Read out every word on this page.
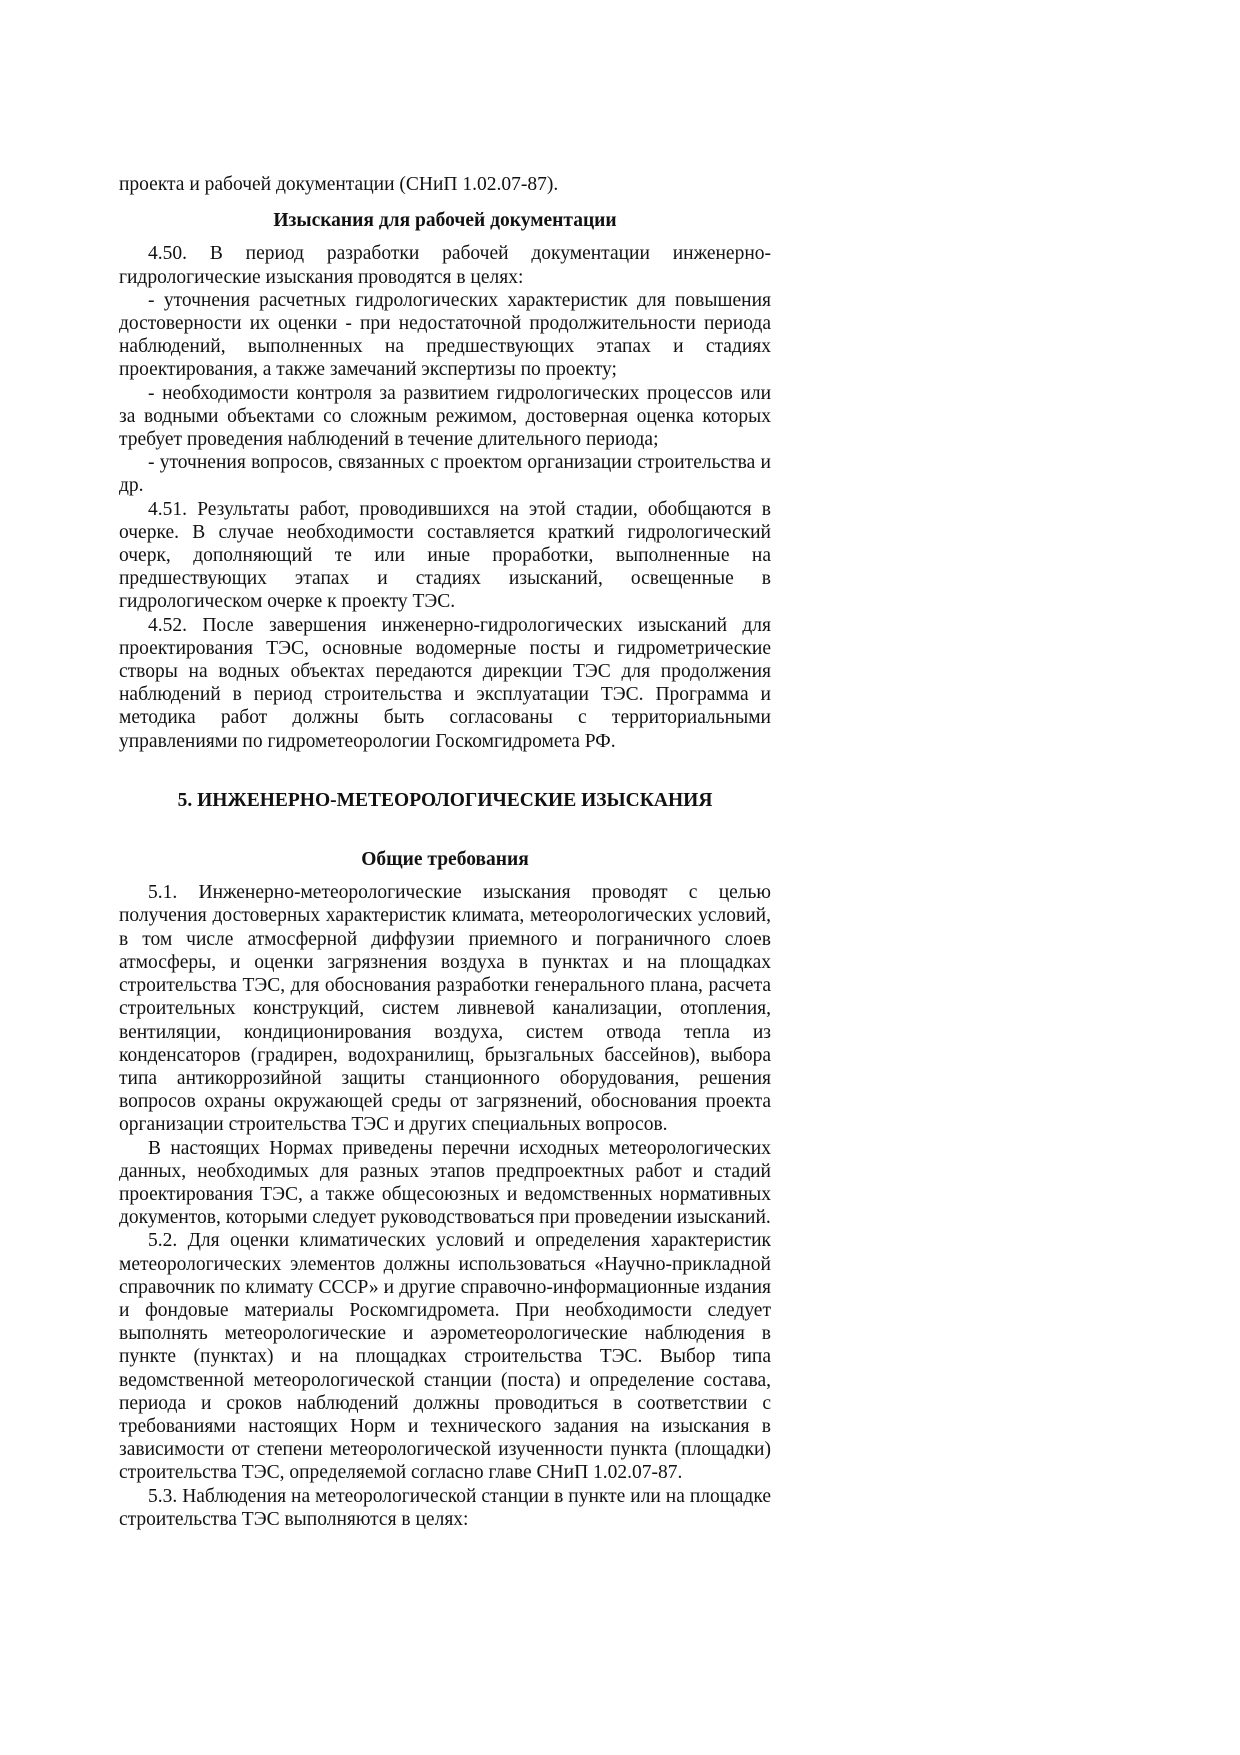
проекта и рабочей документации (СНиП 1.02.07-87).

Изыскания для рабочей документации

4.50. В период разработки рабочей документации инженерно-гидрологические изыскания проводятся в целях:

- уточнения расчетных гидрологических характеристик для повышения достоверности их оценки - при недостаточной продолжительности периода наблюдений, выполненных на предшествующих этапах и стадиях проектирования, а также замечаний экспертизы по проекту;

- необходимости контроля за развитием гидрологических процессов или за водными объектами со сложным режимом, достоверная оценка которых требует проведения наблюдений в течение длительного периода;

- уточнения вопросов, связанных с проектом организации строительства и др.

4.51. Результаты работ, проводившихся на этой стадии, обобщаются в очерке. В случае необходимости составляется краткий гидрологический очерк, дополняющий те или иные проработки, выполненные на предшествующих этапах и стадиях изысканий, освещенные в гидрологическом очерке к проекту ТЭС.

4.52. После завершения инженерно-гидрологических изысканий для проектирования ТЭС, основные водомерные посты и гидрометрические створы на водных объектах передаются дирекции ТЭС для продолжения наблюдений в период строительства и эксплуатации ТЭС. Программа и методика работ должны быть согласованы с территориальными управлениями по гидрометеорологии Госкомгидромета РФ.

5. ИНЖЕНЕРНО-МЕТЕОРОЛОГИЧЕСКИЕ ИЗЫСКАНИЯ

Общие требования

5.1. Инженерно-метеорологические изыскания проводят с целью получения достоверных характеристик климата, метеорологических условий, в том числе атмосферной диффузии приемного и пограничного слоев атмосферы, и оценки загрязнения воздуха в пунктах и на площадках строительства ТЭС, для обоснования разработки генерального плана, расчета строительных конструкций, систем ливневой канализации, отопления, вентиляции, кондиционирования воздуха, систем отвода тепла из конденсаторов (градирен, водохранилищ, брызгальных бассейнов), выбора типа антикоррозийной защиты станционного оборудования, решения вопросов охраны окружающей среды от загрязнений, обоснования проекта организации строительства ТЭС и других специальных вопросов.

В настоящих Нормах приведены перечни исходных метеорологических данных, необходимых для разных этапов предпроектных работ и стадий проектирования ТЭС, а также общесоюзных и ведомственных нормативных документов, которыми следует руководствоваться при проведении изысканий.

5.2. Для оценки климатических условий и определения характеристик метеорологических элементов должны использоваться «Научно-прикладной справочник по климату СССР» и другие справочно-информационные издания и фондовые материалы Роскомгидромета. При необходимости следует выполнять метеорологические и аэрометеорологические наблюдения в пункте (пунктах) и на площадках строительства ТЭС. Выбор типа ведомственной метеорологической станции (поста) и определение состава, периода и сроков наблюдений должны проводиться в соответствии с требованиями настоящих Норм и технического задания на изыскания в зависимости от степени метеорологической изученности пункта (площадки) строительства ТЭС, определяемой согласно главе СНиП 1.02.07-87.

5.3. Наблюдения на метеорологической станции в пункте или на площадке строительства ТЭС выполняются в целях:
